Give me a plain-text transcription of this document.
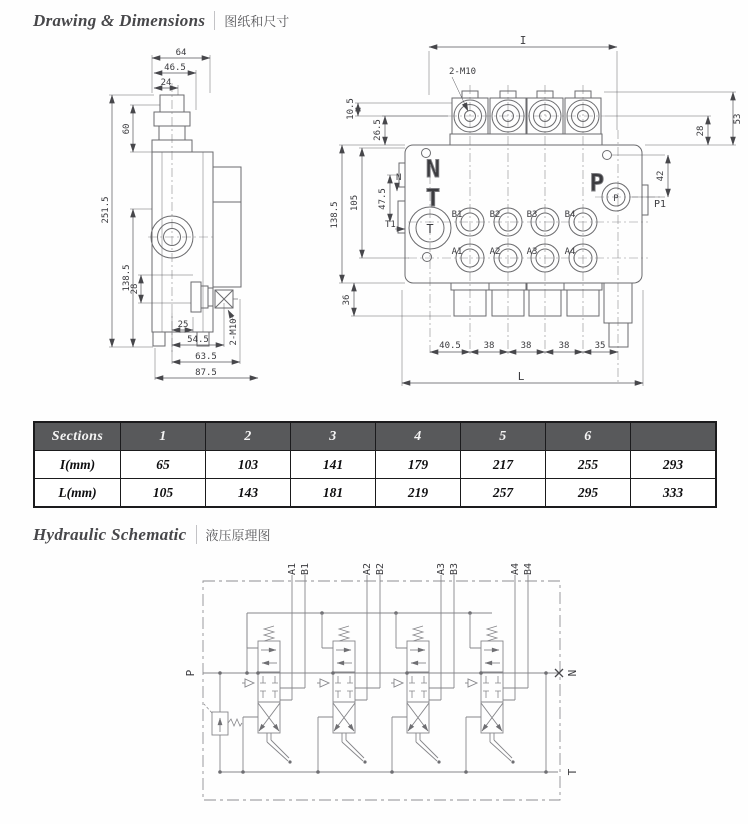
Drawing & Dimensions	图纸和尺寸
64
46.5
24
60
251.5
138.5
28
25
54.5
63.5
87.5
2-M10
N
T
P
T
P
B1	B2	B3	B4
A1	A2	A3	A4
P1
N
T1
I
2-M10
10.5
26.5
105 47.5
138.5
36
53
28
42
40.5	38	38	38	35
L
Sections	1	2	3	4	5	6
I(mm)	65	103	141	179	217	255	293
L(mm)	105	143	181	219	257	295	333
Hydraulic Schematic	液压原理图
A1 B1	A2 B2	A3 B3	A4 B4
P	N
T
